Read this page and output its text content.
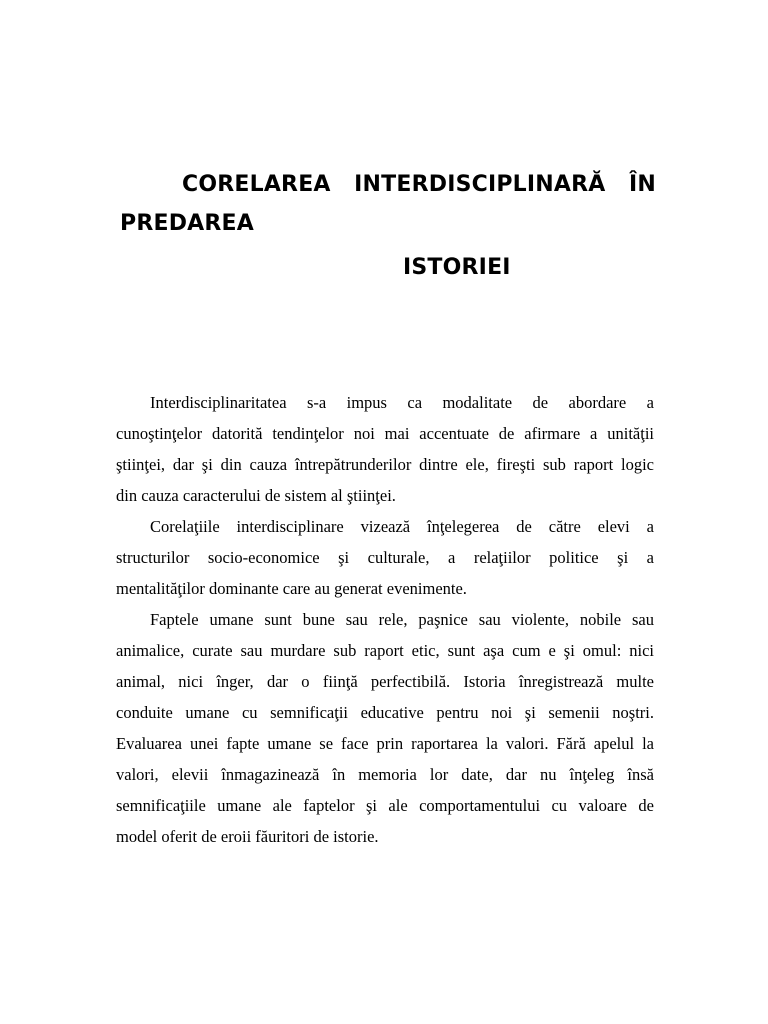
CORELAREA INTERDISCIPLINARĂ ÎN
PREDAREA
ISTORIEI
Interdisciplinaritatea s-a impus ca modalitate de abordare a
cunoştinţelor datorită tendinţelor noi mai accentuate de afirmare a unităţii
ştiinţei, dar şi din cauza întrepătrunderilor dintre ele, fireşti sub raport logic
din cauza caracterului de sistem al ştiinţei.
Corelaţiile interdisciplinare vizează înţelegerea de către elevi a
structurilor socio-economice şi culturale, a relaţiilor politice şi a
mentalităţilor dominante care au generat evenimente.
Faptele umane sunt bune sau rele, paşnice sau violente, nobile sau
animalice, curate sau murdare sub raport etic, sunt aşa cum e şi omul: nici
animal, nici înger, dar o fiinţă perfectibilă. Istoria înregistrează multe
conduite umane cu semnificaţii educative pentru noi şi semenii noştri.
Evaluarea unei fapte umane se face prin raportarea la valori. Fără apelul la
valori, elevii înmagazinează în memoria lor date, dar nu înţeleg însă
semnificaţiile umane ale faptelor şi ale comportamentului cu valoare de
model oferit de eroii făuritori de istorie.
